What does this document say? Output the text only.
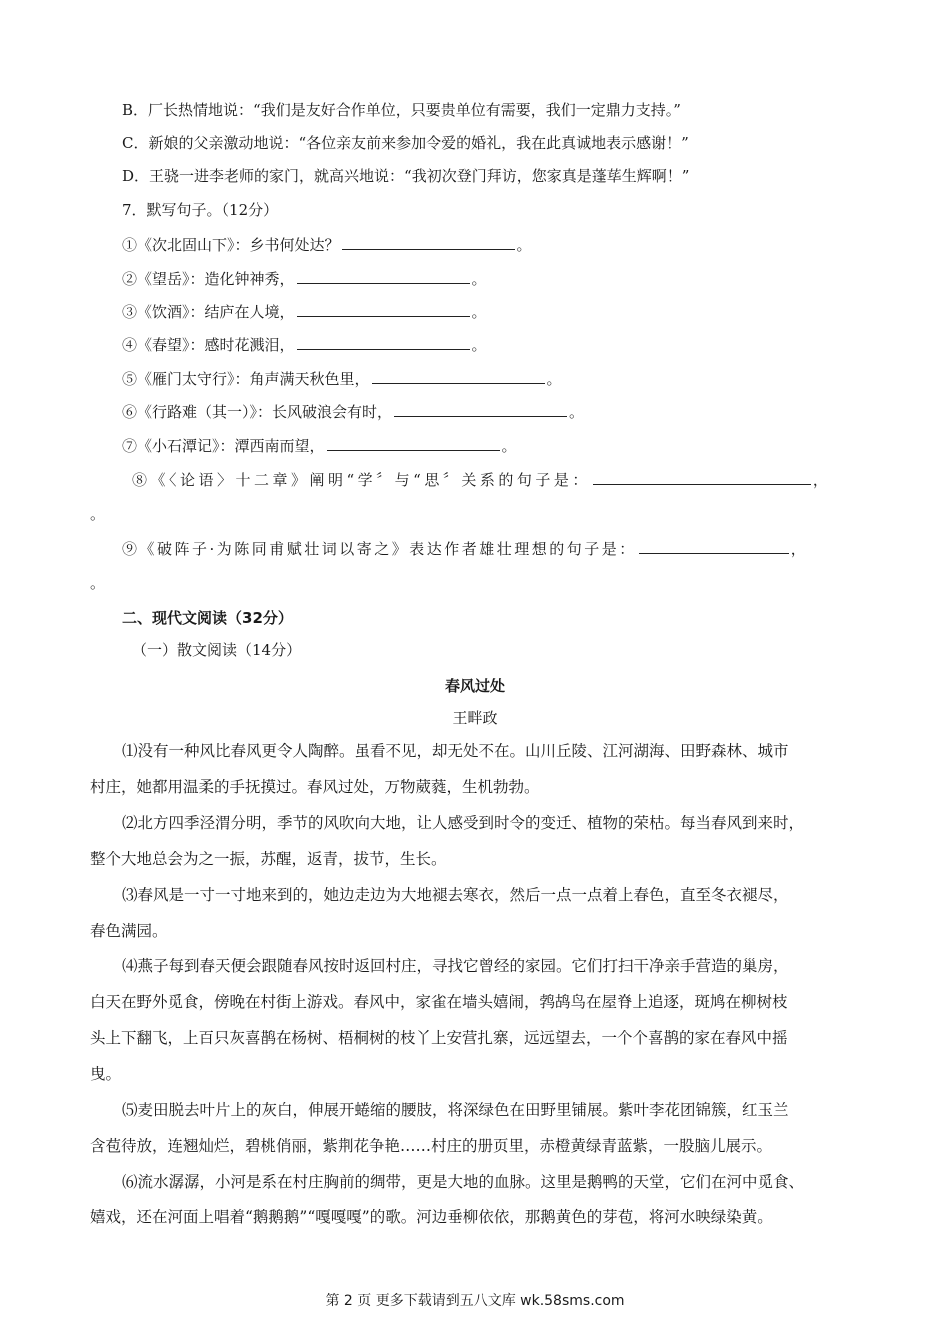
B．厂长热情地说：“我们是友好合作单位，只要贵单位有需要，我们一定鼎力支持。”
C．新娘的父亲激动地说：“各位亲友前来参加令爱的婚礼，我在此真诚地表示感谢！”
D．王骁一进李老师的家门，就高兴地说：“我初次登门拜访，您家真是蓬荜生辉啊！”
7．默写句子。（12分）
①《次北固山下》：乡书何处达？	。
②《望岳》：造化钟神秀，	。
③《饮酒》：结庐在人境，	。
④《春望》：感时花溅泪，	。
⑤《雁门太守行》：角声满天秋色里，	。
⑥《行路难（其一）》：长风破浪会有时，	。
⑦《小石潭记》：潭西南而望，	。
⑧《〈论语〉十二章》阐明“学〞与“思〞关系的句子是：	，
。
⑨《破阵子·为陈同甫赋壮词以寄之》表达作者雄壮理想的句子是：	，
。
二、现代文阅读（32分）
（一）散文阅读（14分）
春风过处
王畔政
⑴没有一种风比春风更令人陶醉。虽看不见，却无处不在。山川丘陵、江河湖海、田野森林、城市
村庄，她都用温柔的手抚摸过。春风过处，万物葳蕤，生机勃勃。
⑵北方四季泾渭分明，季节的风吹向大地，让人感受到时令的变迁、植物的荣枯。每当春风到来时，
整个大地总会为之一振，苏醒，返青，拔节，生长。
⑶春风是一寸一寸地来到的，她边走边为大地褪去寒衣，然后一点一点着上春色，直至冬衣褪尽，
春色满园。
⑷燕子每到春天便会跟随春风按时返回村庄，寻找它曾经的家园。它们打扫干净亲手营造的巢房，
白天在野外觅食，傍晚在村街上游戏。春风中，家雀在墙头嬉闹，鹁鸪鸟在屋脊上追逐，斑鸠在柳树枝
头上下翻飞，上百只灰喜鹊在杨树、梧桐树的枝丫上安营扎寨，远远望去，一个个喜鹊的家在春风中摇
曳。
⑸麦田脱去叶片上的灰白，伸展开蜷缩的腰肢，将深绿色在田野里铺展。紫叶李花团锦簇，红玉兰
含苞待放，连翘灿烂，碧桃俏丽，紫荆花争艳……村庄的册页里，赤橙黄绿青蓝紫，一股脑儿展示。
⑹流水潺潺，小河是系在村庄胸前的绸带，更是大地的血脉。这里是鹅鸭的天堂，它们在河中觅食、
嬉戏，还在河面上唱着“鹅鹅鹅”“嘎嘎嘎”的歌。河边垂柳依依，那鹅黄色的芽苞，将河水映绿染黄。
第 2 页 更多下载请到五八文库 wk.58sms.com
